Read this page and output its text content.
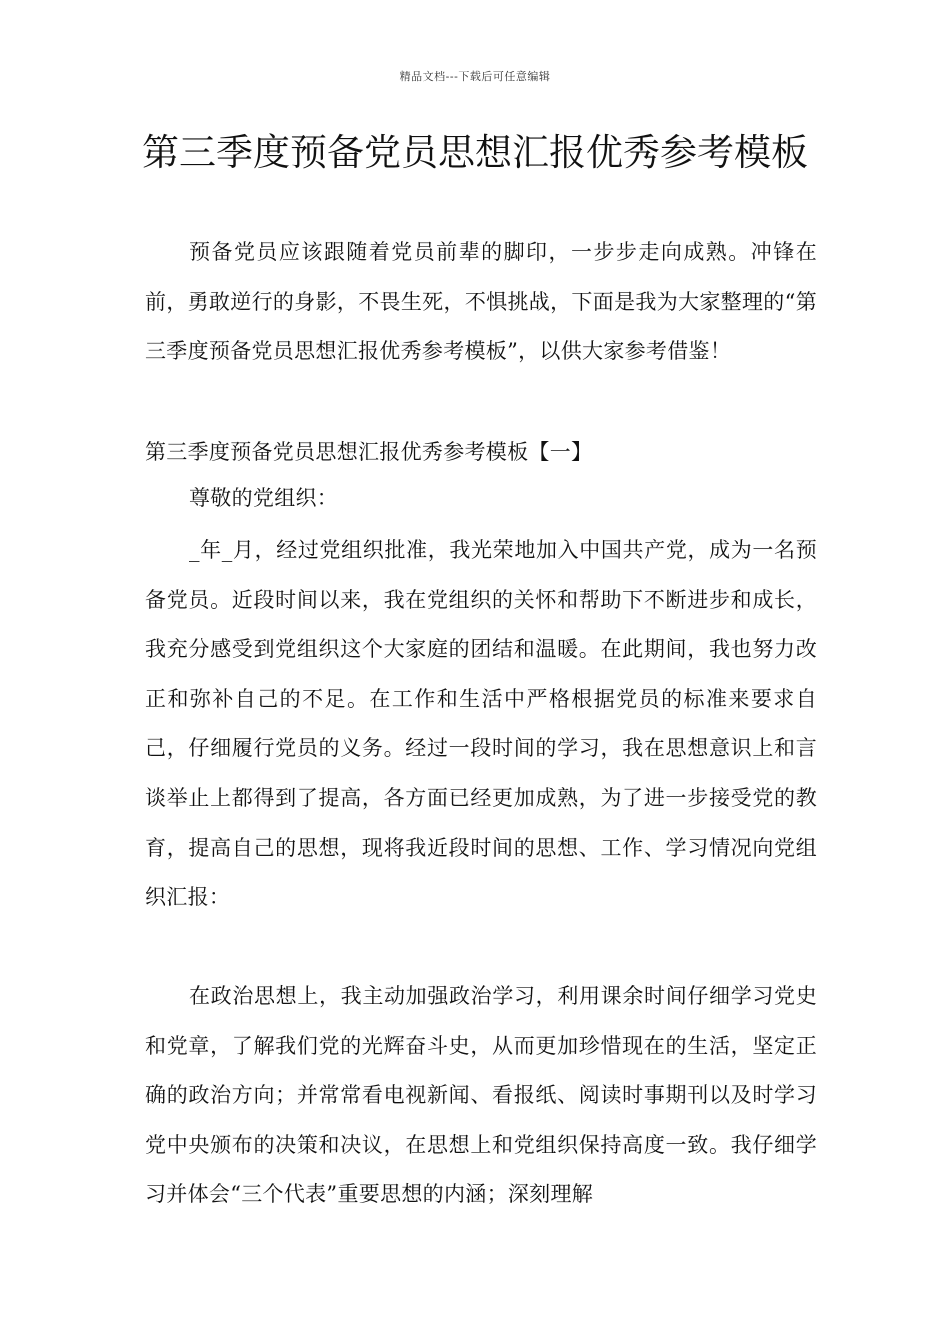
精品文档---下载后可任意编辑
第三季度预备党员思想汇报优秀参考模板

预备党员应该跟随着党员前辈的脚印，一步步走向成熟。冲锋在前，勇敢逆行的身影，不畏生死，不惧挑战，下面是我为大家整理的“第三季度预备党员思想汇报优秀参考模板”，以供大家参考借鉴！

第三季度预备党员思想汇报优秀参考模板【一】

尊敬的党组织：

_年_月，经过党组织批准，我光荣地加入中国共产党，成为一名预备党员。近段时间以来，我在党组织的关怀和帮助下不断进步和成长，我充分感受到党组织这个大家庭的团结和温暖。在此期间，我也努力改正和弥补自己的不足。在工作和生活中严格根据党员的标准来要求自己，仔细履行党员的义务。经过一段时间的学习，我在思想意识上和言谈举止上都得到了提高，各方面已经更加成熟，为了进一步接受党的教育，提高自己的思想，现将我近段时间的思想、工作、学习情况向党组织汇报：

在政治思想上，我主动加强政治学习，利用课余时间仔细学习党史和党章，了解我们党的光辉奋斗史，从而更加珍惜现在的生活，坚定正确的政治方向；并常常看电视新闻、看报纸、阅读时事期刊以及时学习党中央颁布的决策和决议，在思想上和党组织保持高度一致。我仔细学习并体会“三个代表”重要思想的内涵；深刻理解
